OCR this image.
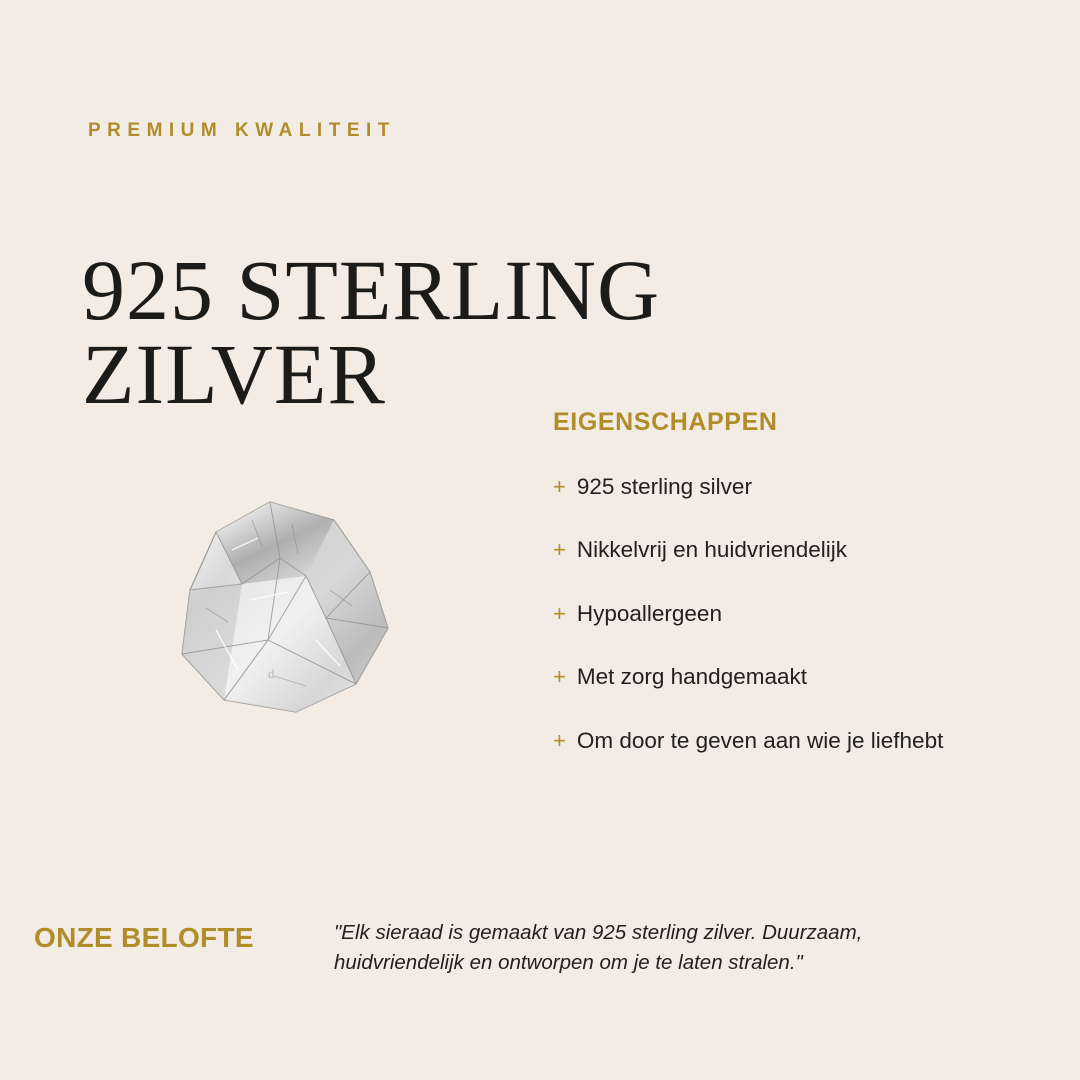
PREMIUM KWALITEIT
925 STERLING
ZILVER
d
EIGENSCHAPPEN
+ 925 sterling silver
+ Nikkelvrij en huidvriendelijk
+ Hypoallergeen
+ Met zorg handgemaakt
+ Om door te geven aan wie je liefhebt
ONZE BELOFTE	"Elk sieraad is gemaakt van 925 sterling zilver. Duurzaam, huidvriendelijk en ontworpen om je te laten stralen."
